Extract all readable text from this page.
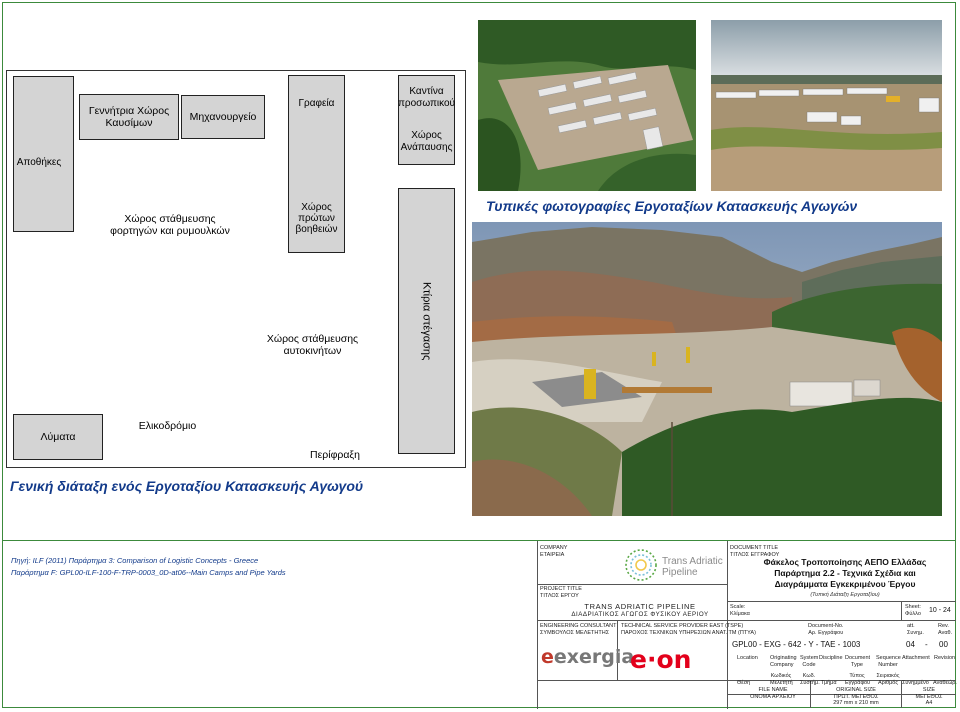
Αποθήκες
Γεννήτρια Χώρος Καυσίμων	Μηχανουργείο
Γραφεία
Χώρος πρώτων βοηθειών
Καντίνα προσωπικού
Χώρος Ανάπαυσης
Χώρος στάθμευσης φορτηγών και ρυμουλκών
Κτίρια στέγασης
Χώρος στάθμευσης αυτοκινήτων
Λύματα
Ελικοδρόμιο
Περίφραξη
Γενική διάταξη ενός Εργοταξίου Κατασκευής Αγωγού
Τυπικές φωτογραφίες Εργοταξίων Κατασκευής Αγωγών
Πηγή: ILF (2011) Παράρτημα 3: Comparison of Logistic Concepts - Greece
Παράρτημα F: GPL00-ILF-100-F-TRP-0003_0D-at06--Main Camps and Pipe Yards
COMPANY
ΕΤΑΙΡΕΙΑ
Trans Adriatic
Pipeline
PROJECT TITLE
ΤΙΤΛΟΣ ΕΡΓΟΥ
TRANS ADRIATIC PIPELINE
ΔΙΑΔΡΙΑΤΙΚΟΣ ΑΓΩΓΟΣ ΦΥΣΙΚΟΥ ΑΕΡΙΟΥ
ENGINEERING CONSULTANT
ΣΥΜΒΟΥΛΟΣ ΜΕΛΕΤΗΤΗΣ
eexergia
TECHNICAL SERVICE PROVIDER EAST (TSPE)
ΠΑΡΟΧΟΣ ΤΕΧΝΙΚΩΝ ΥΠΗΡΕΣΙΩΝ ΑΝΑΤ. ΤΜ (ΠΤΥΑ)
e·on
DOCUMENT TITLE
ΤΙΤΛΟΣ ΕΓΓΡΑΦΟΥ
Φάκελος Τροποποίησης ΑΕΠΟ Ελλάδας
Παράρτημα 2.2 - Τεχνικά Σχέδια και
Διαγράμματα Εγκεκριμένου Έργου
(Τυπική Διάταξη Εργοταξίου)
Scale:
Κλίμακα
Sheet:
Φύλλο 10 - 24
Document-No.
Αρ. Εγγράφου
att.
Συνημ.
Rev.
Αναθ.
GPL00 - EXG - 642 - Y - TAE - 1003	04 - 00
Location Originating Company
System Code
Discipline Document Type
Sequence Number
Attachment Revision
Θέση
Κωδικός Μελετητή
Κωδ. Συστήμ. Τμήμα
Τύπος Εγγράφου
Σειριακός Αριθμός Συνημμένο Αναθεώρ.
FILE NAME
ΟΝΟΜΑ ΑΡΧΕΙΟΥ
ORIGINAL SIZE
ΠΡΩΤ. ΜΕΓΕΘΟΣ
297 mm x 210 mm
SIZE
ΜΕΓΕΘΟΣ
A4
